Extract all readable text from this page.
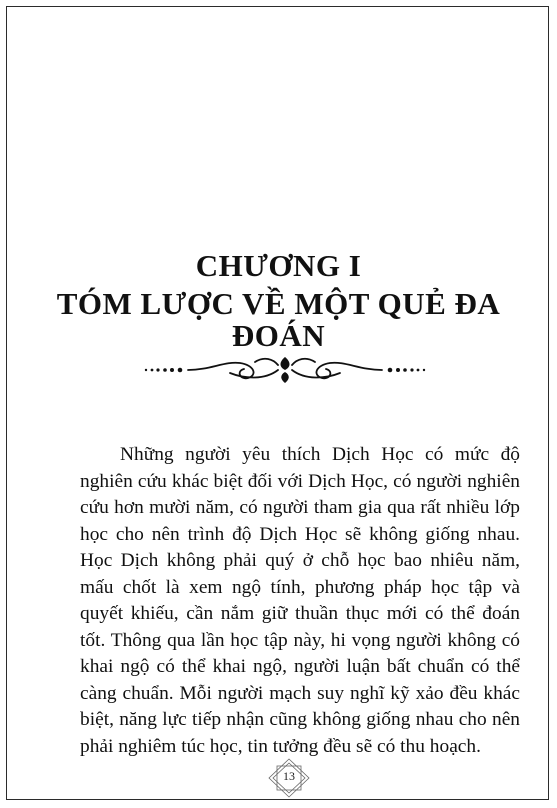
CHƯƠNG I
TÓM LƯỢC VỀ MỘT QUẺ ĐA
ĐOÁN

Những người yêu thích Dịch Học có mức độ nghiên cứu khác biệt đối với Dịch Học, có người nghiên cứu hơn mười năm, có người tham gia qua rất nhiều lớp học cho nên trình độ Dịch Học sẽ không giống nhau. Học Dịch không phải quý ở chỗ học bao nhiêu năm, mấu chốt là xem ngộ tính, phương pháp học tập và quyết khiếu, cần nắm giữ thuần thục mới có thể đoán tốt. Thông qua lần học tập này, hi vọng người không có khai ngộ có thể khai ngộ, người luận bất chuẩn có thể càng chuẩn. Mỗi người mạch suy nghĩ kỹ xảo đều khác biệt, năng lực tiếp nhận cũng không giống nhau cho nên phải nghiêm túc học, tin tưởng đều sẽ có thu hoạch.

13
